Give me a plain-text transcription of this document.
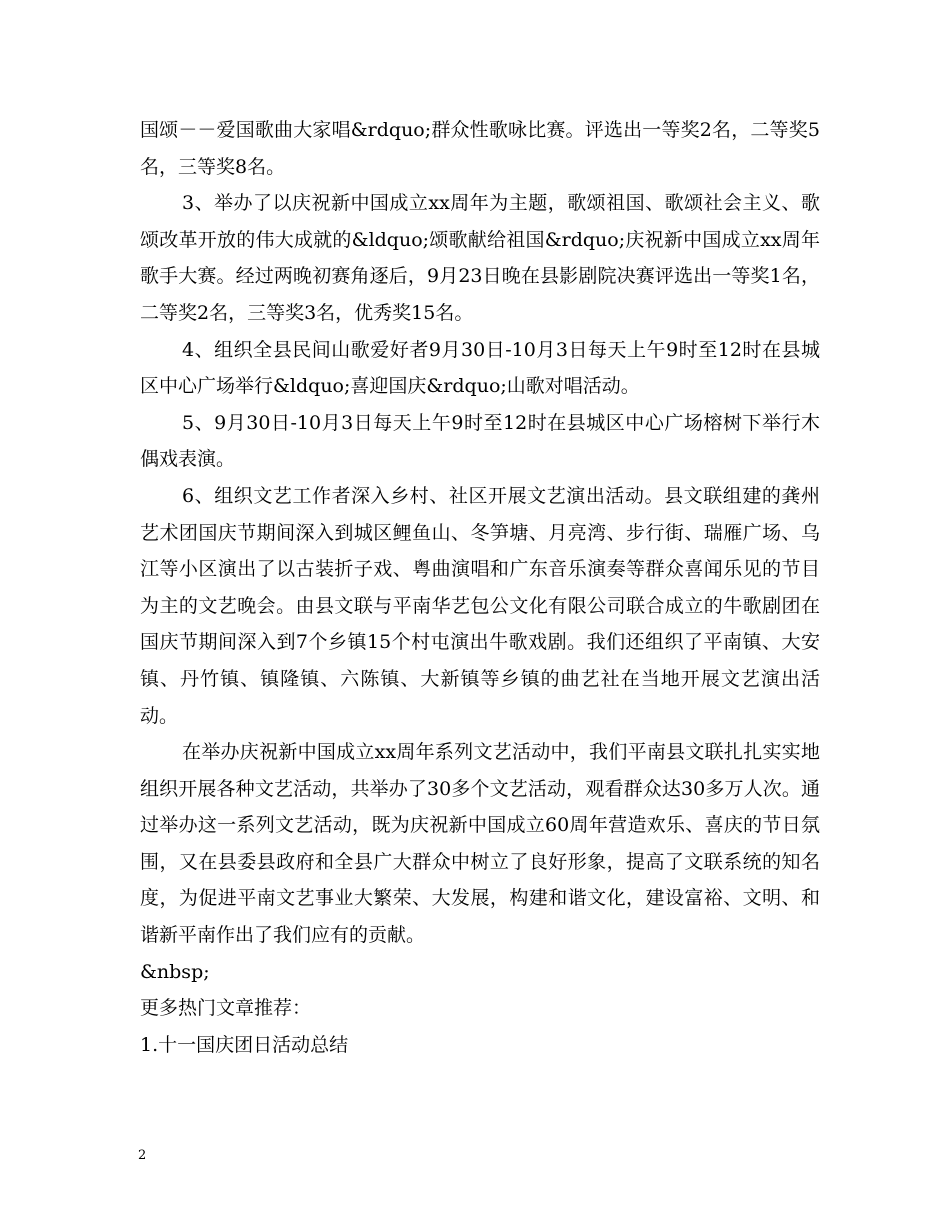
国颂－－爱国歌曲大家唱&rdquo;群众性歌咏比赛。评选出一等奖2名，二等奖5名，三等奖8名。

3、举办了以庆祝新中国成立xx周年为主题，歌颂祖国、歌颂社会主义、歌颂改革开放的伟大成就的&ldquo;颂歌献给祖国&rdquo;庆祝新中国成立xx周年歌手大赛。经过两晚初赛角逐后，9月23日晚在县影剧院决赛评选出一等奖1名，二等奖2名，三等奖3名，优秀奖15名。

4、组织全县民间山歌爱好者9月30日-10月3日每天上午9时至12时在县城区中心广场举行&ldquo;喜迎国庆&rdquo;山歌对唱活动。

5、9月30日-10月3日每天上午9时至12时在县城区中心广场榕树下举行木偶戏表演。

6、组织文艺工作者深入乡村、社区开展文艺演出活动。县文联组建的龚州艺术团国庆节期间深入到城区鲤鱼山、冬笋塘、月亮湾、步行街、瑞雁广场、乌江等小区演出了以古装折子戏、粤曲演唱和广东音乐演奏等群众喜闻乐见的节目为主的文艺晚会。由县文联与平南华艺包公文化有限公司联合成立的牛歌剧团在国庆节期间深入到7个乡镇15个村屯演出牛歌戏剧。我们还组织了平南镇、大安镇、丹竹镇、镇隆镇、六陈镇、大新镇等乡镇的曲艺社在当地开展文艺演出活动。

在举办庆祝新中国成立xx周年系列文艺活动中，我们平南县文联扎扎实实地组织开展各种文艺活动，共举办了30多个文艺活动，观看群众达30多万人次。通过举办这一系列文艺活动，既为庆祝新中国成立60周年营造欢乐、喜庆的节日氛围，又在县委县政府和全县广大群众中树立了良好形象，提高了文联系统的知名度，为促进平南文艺事业大繁荣、大发展，构建和谐文化，建设富裕、文明、和谐新平南作出了我们应有的贡献。

&nbsp;

更多热门文章推荐：

1.十一国庆团日活动总结

2
